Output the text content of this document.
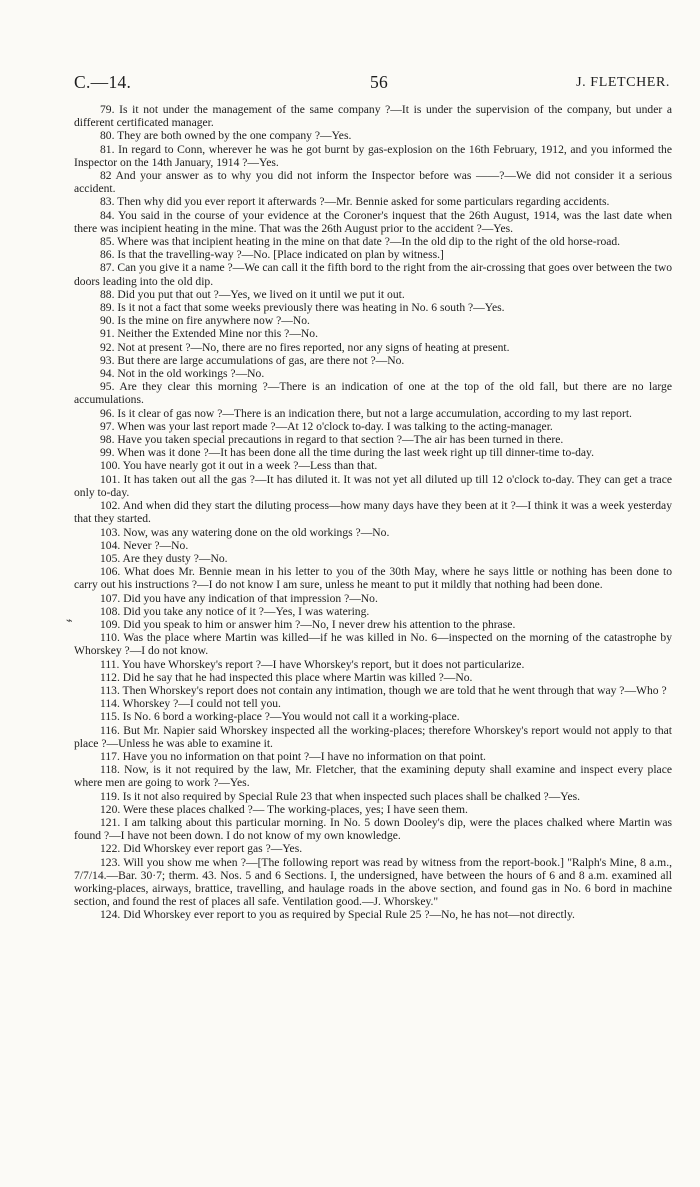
C.—14.	56	J. FLETCHER.
⌁

79. Is it not under the management of the same company ?—It is under the supervision of the company, but under a different certificated manager.

80. They are both owned by the one company ?—Yes.

81. In regard to Conn, wherever he was he got burnt by gas-explosion on the 16th February, 1912, and you informed the Inspector on the 14th January, 1914 ?—Yes.

82 And your answer as to why you did not inform the Inspector before was ——?—We did not consider it a serious accident.

83. Then why did you ever report it afterwards ?—Mr. Bennie asked for some particulars regarding accidents.

84. You said in the course of your evidence at the Coroner's inquest that the 26th August, 1914, was the last date when there was incipient heating in the mine. That was the 26th August prior to the accident ?—Yes.

85. Where was that incipient heating in the mine on that date ?—In the old dip to the right of the old horse-road.

86. Is that the travelling-way ?—No. [Place indicated on plan by witness.]

87. Can you give it a name ?—We can call it the fifth bord to the right from the air-crossing that goes over between the two doors leading into the old dip.

88. Did you put that out ?—Yes, we lived on it until we put it out.

89. Is it not a fact that some weeks previously there was heating in No. 6 south ?—Yes.

90. Is the mine on fire anywhere now ?—No.

91. Neither the Extended Mine nor this ?—No.

92. Not at present ?—No, there are no fires reported, nor any signs of heating at present.

93. But there are large accumulations of gas, are there not ?—No.

94. Not in the old workings ?—No.

95. Are they clear this morning ?—There is an indication of one at the top of the old fall, but there are no large accumulations.

96. Is it clear of gas now ?—There is an indication there, but not a large accumulation, according to my last report.

97. When was your last report made ?—At 12 o'clock to-day. I was talking to the acting-manager.

98. Have you taken special precautions in regard to that section ?—The air has been turned in there.

99. When was it done ?—It has been done all the time during the last week right up till dinner-time to-day.

100. You have nearly got it out in a week ?—Less than that.

101. It has taken out all the gas ?—It has diluted it. It was not yet all diluted up till 12 o'clock to-day. They can get a trace only to-day.

102. And when did they start the diluting process—how many days have they been at it ?—I think it was a week yesterday that they started.

103. Now, was any watering done on the old workings ?—No.

104. Never ?—No.

105. Are they dusty ?—No.

106. What does Mr. Bennie mean in his letter to you of the 30th May, where he says little or nothing has been done to carry out his instructions ?—I do not know I am sure, unless he meant to put it mildly that nothing had been done.

107. Did you have any indication of that impression ?—No.

108. Did you take any notice of it ?—Yes, I was watering.

109. Did you speak to him or answer him ?—No, I never drew his attention to the phrase.

110. Was the place where Martin was killed—if he was killed in No. 6—inspected on the morning of the catastrophe by Whorskey ?—I do not know.

111. You have Whorskey's report ?—I have Whorskey's report, but it does not particularize.

112. Did he say that he had inspected this place where Martin was killed ?—No.

113. Then Whorskey's report does not contain any intimation, though we are told that he went through that way ?—Who ?

114. Whorskey ?—I could not tell you.

115. Is No. 6 bord a working-place ?—You would not call it a working-place.

116. But Mr. Napier said Whorskey inspected all the working-places; therefore Whorskey's report would not apply to that place ?—Unless he was able to examine it.

117. Have you no information on that point ?—I have no information on that point.

118. Now, is it not required by the law, Mr. Fletcher, that the examining deputy shall examine and inspect every place where men are going to work ?—Yes.

119. Is it not also required by Special Rule 23 that when inspected such places shall be chalked ?—Yes.

120. Were these places chalked ?— The working-places, yes; I have seen them.

121. I am talking about this particular morning. In No. 5 down Dooley's dip, were the places chalked where Martin was found ?—I have not been down. I do not know of my own knowledge.

122. Did Whorskey ever report gas ?—Yes.

123. Will you show me when ?—[The following report was read by witness from the report-book.] "Ralph's Mine, 8 a.m., 7/7/14.—Bar. 30·7; therm. 43. Nos. 5 and 6 Sections. I, the undersigned, have between the hours of 6 and 8 a.m. examined all working-places, airways, brattice, travelling, and haulage roads in the above section, and found gas in No. 6 bord in machine section, and found the rest of places all safe. Ventilation good.—J. Whorskey."

124. Did Whorskey ever report to you as required by Special Rule 25 ?—No, he has not—not directly.
